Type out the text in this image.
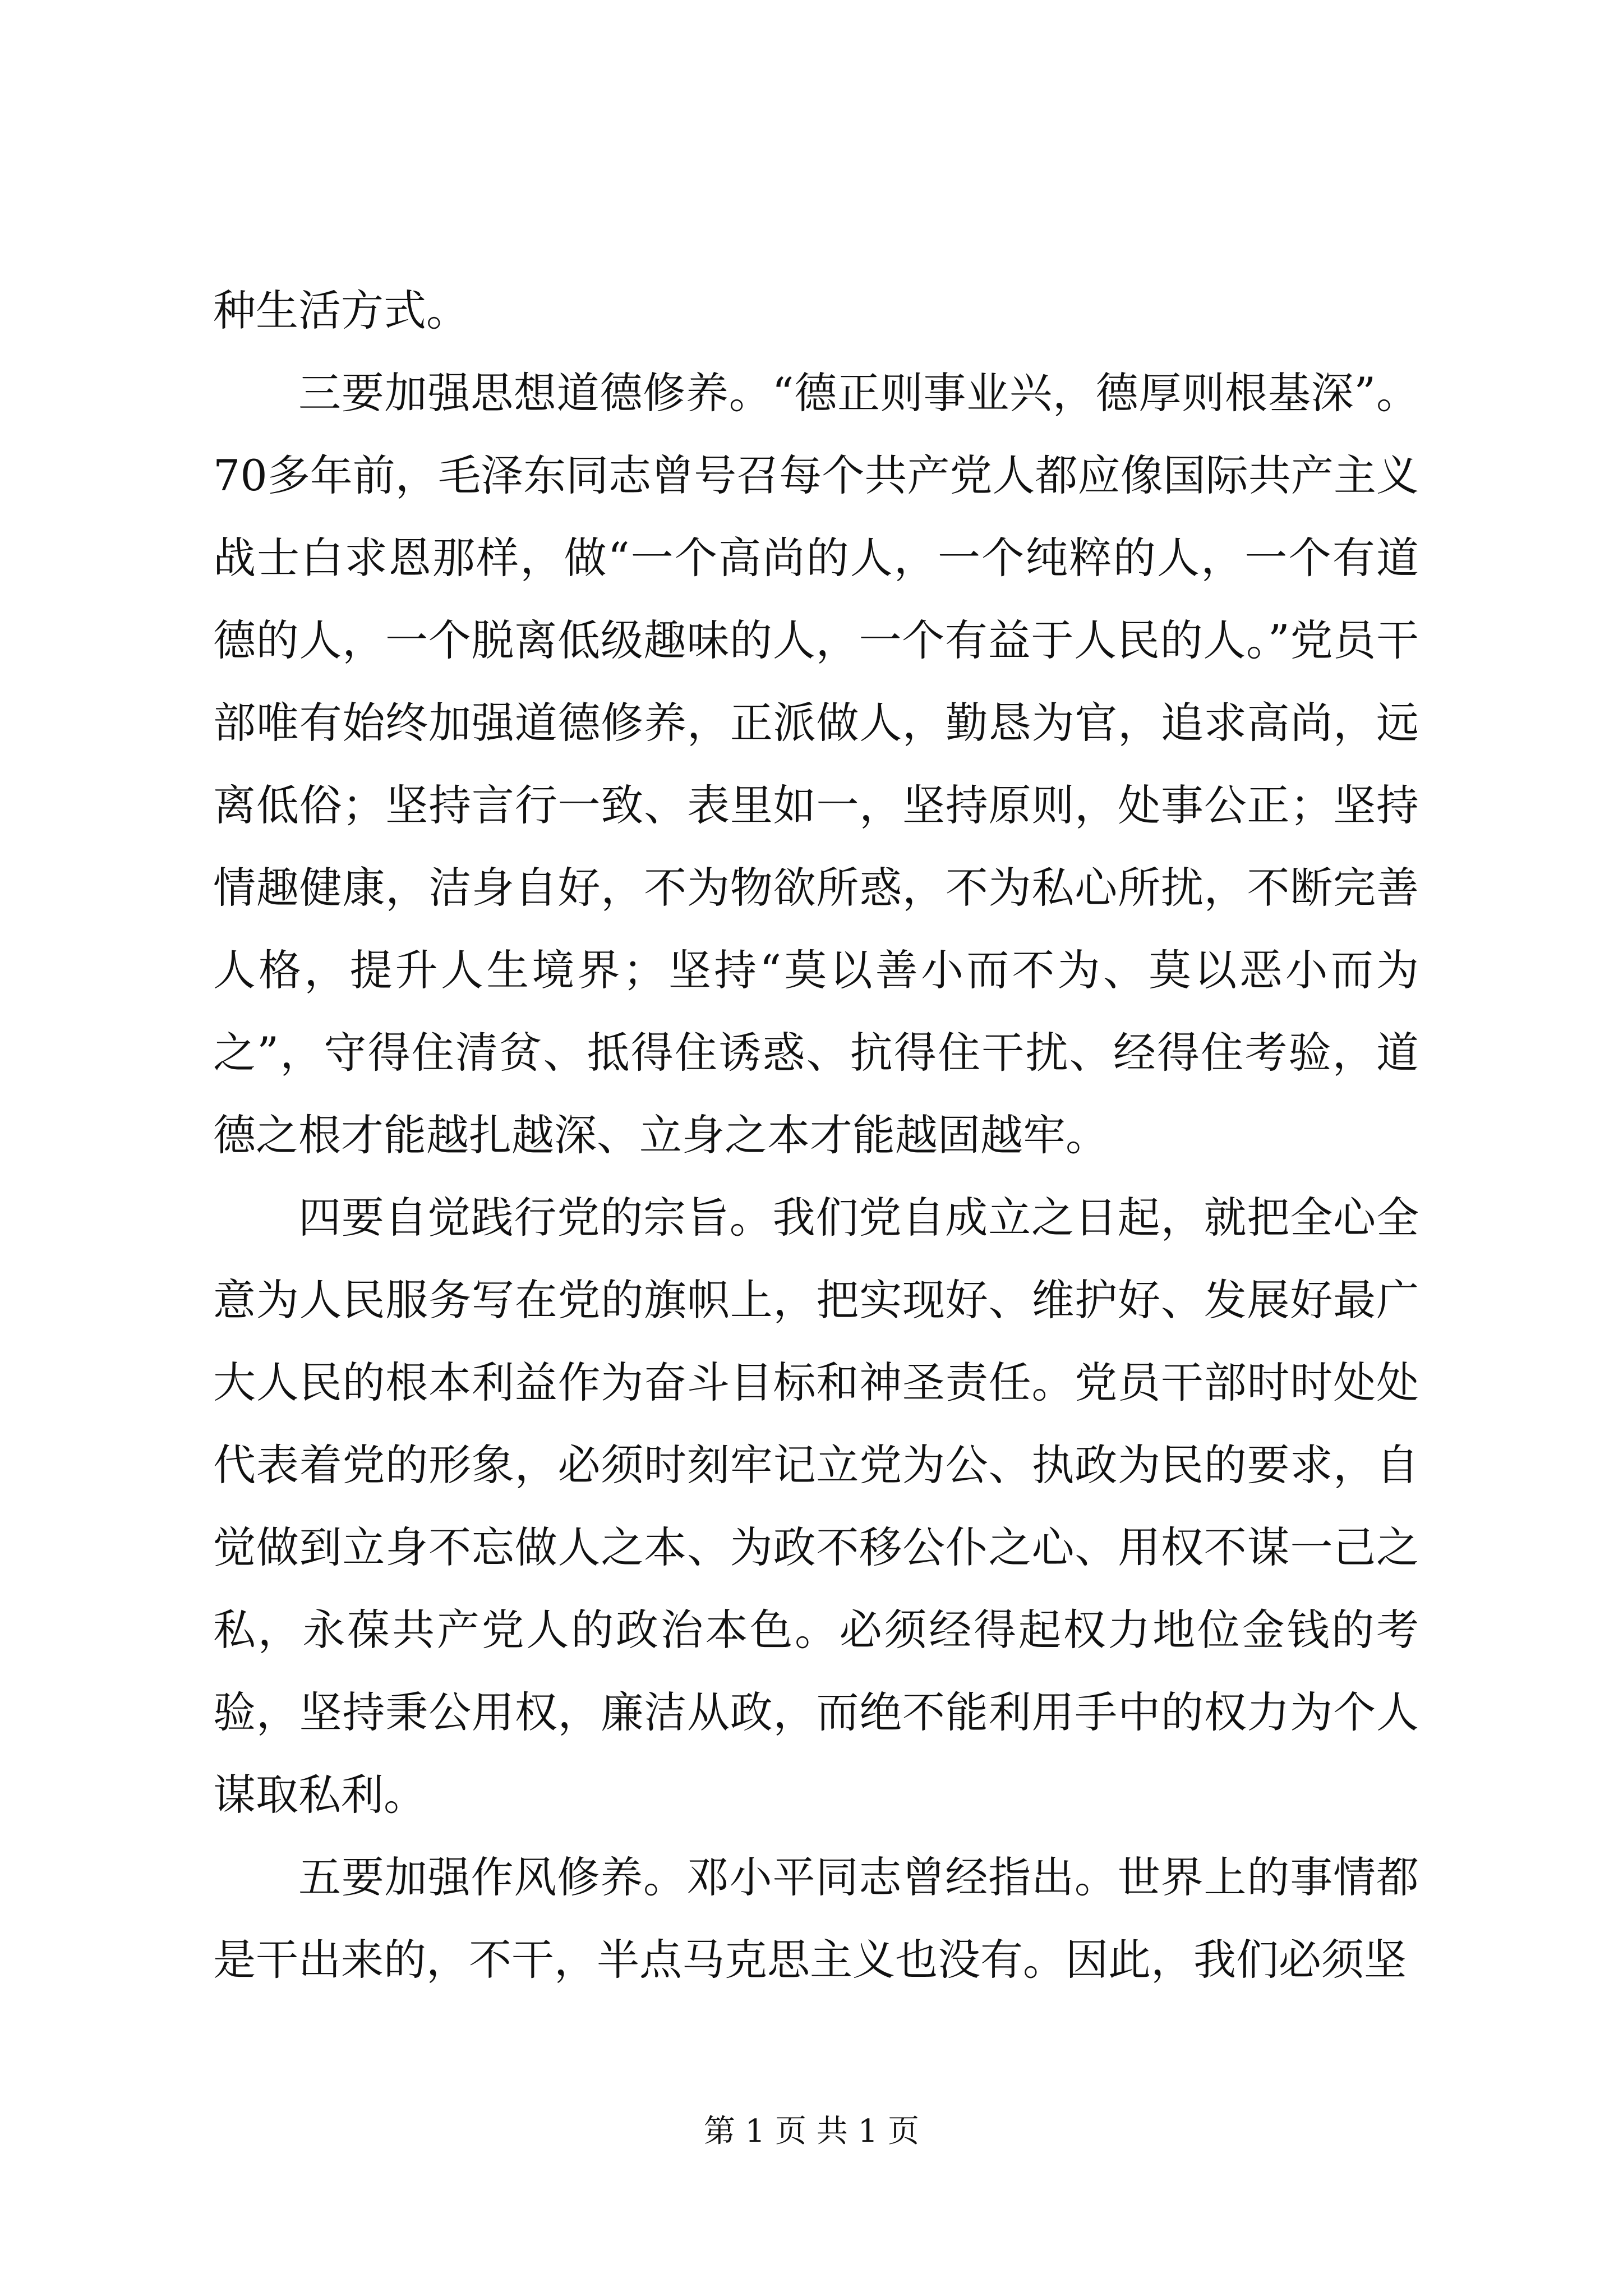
种生活方式。

三要加强思想道德修养。“德正则事业兴，德厚则根基深”。70多年前，毛泽东同志曾号召每个共产党人都应像国际共产主义战士白求恩那样，做“一个高尚的人，一个纯粹的人，一个有道德的人，一个脱离低级趣味的人，一个有益于人民的人。”党员干部唯有始终加强道德修养，正派做人，勤恳为官，追求高尚，远离低俗；坚持言行一致、表里如一，坚持原则，处事公正；坚持情趣健康，洁身自好，不为物欲所惑，不为私心所扰，不断完善人格，提升人生境界；坚持“莫以善小而不为、莫以恶小而为之”，守得住清贫、抵得住诱惑、抗得住干扰、经得住考验，道德之根才能越扎越深、立身之本才能越固越牢。

四要自觉践行党的宗旨。我们党自成立之日起，就把全心全意为人民服务写在党的旗帜上，把实现好、维护好、发展好最广大人民的根本利益作为奋斗目标和神圣责任。党员干部时时处处代表着党的形象，必须时刻牢记立党为公、执政为民的要求，自觉做到立身不忘做人之本、为政不移公仆之心、用权不谋一己之私，永葆共产党人的政治本色。必须经得起权力地位金钱的考验，坚持秉公用权，廉洁从政，而绝不能利用手中的权力为个人谋取私利。

五要加强作风修养。邓小平同志曾经指出。世界上的事情都是干出来的，不干，半点马克思主义也没有。因此，我们必须坚

第 1 页 共 1 页
